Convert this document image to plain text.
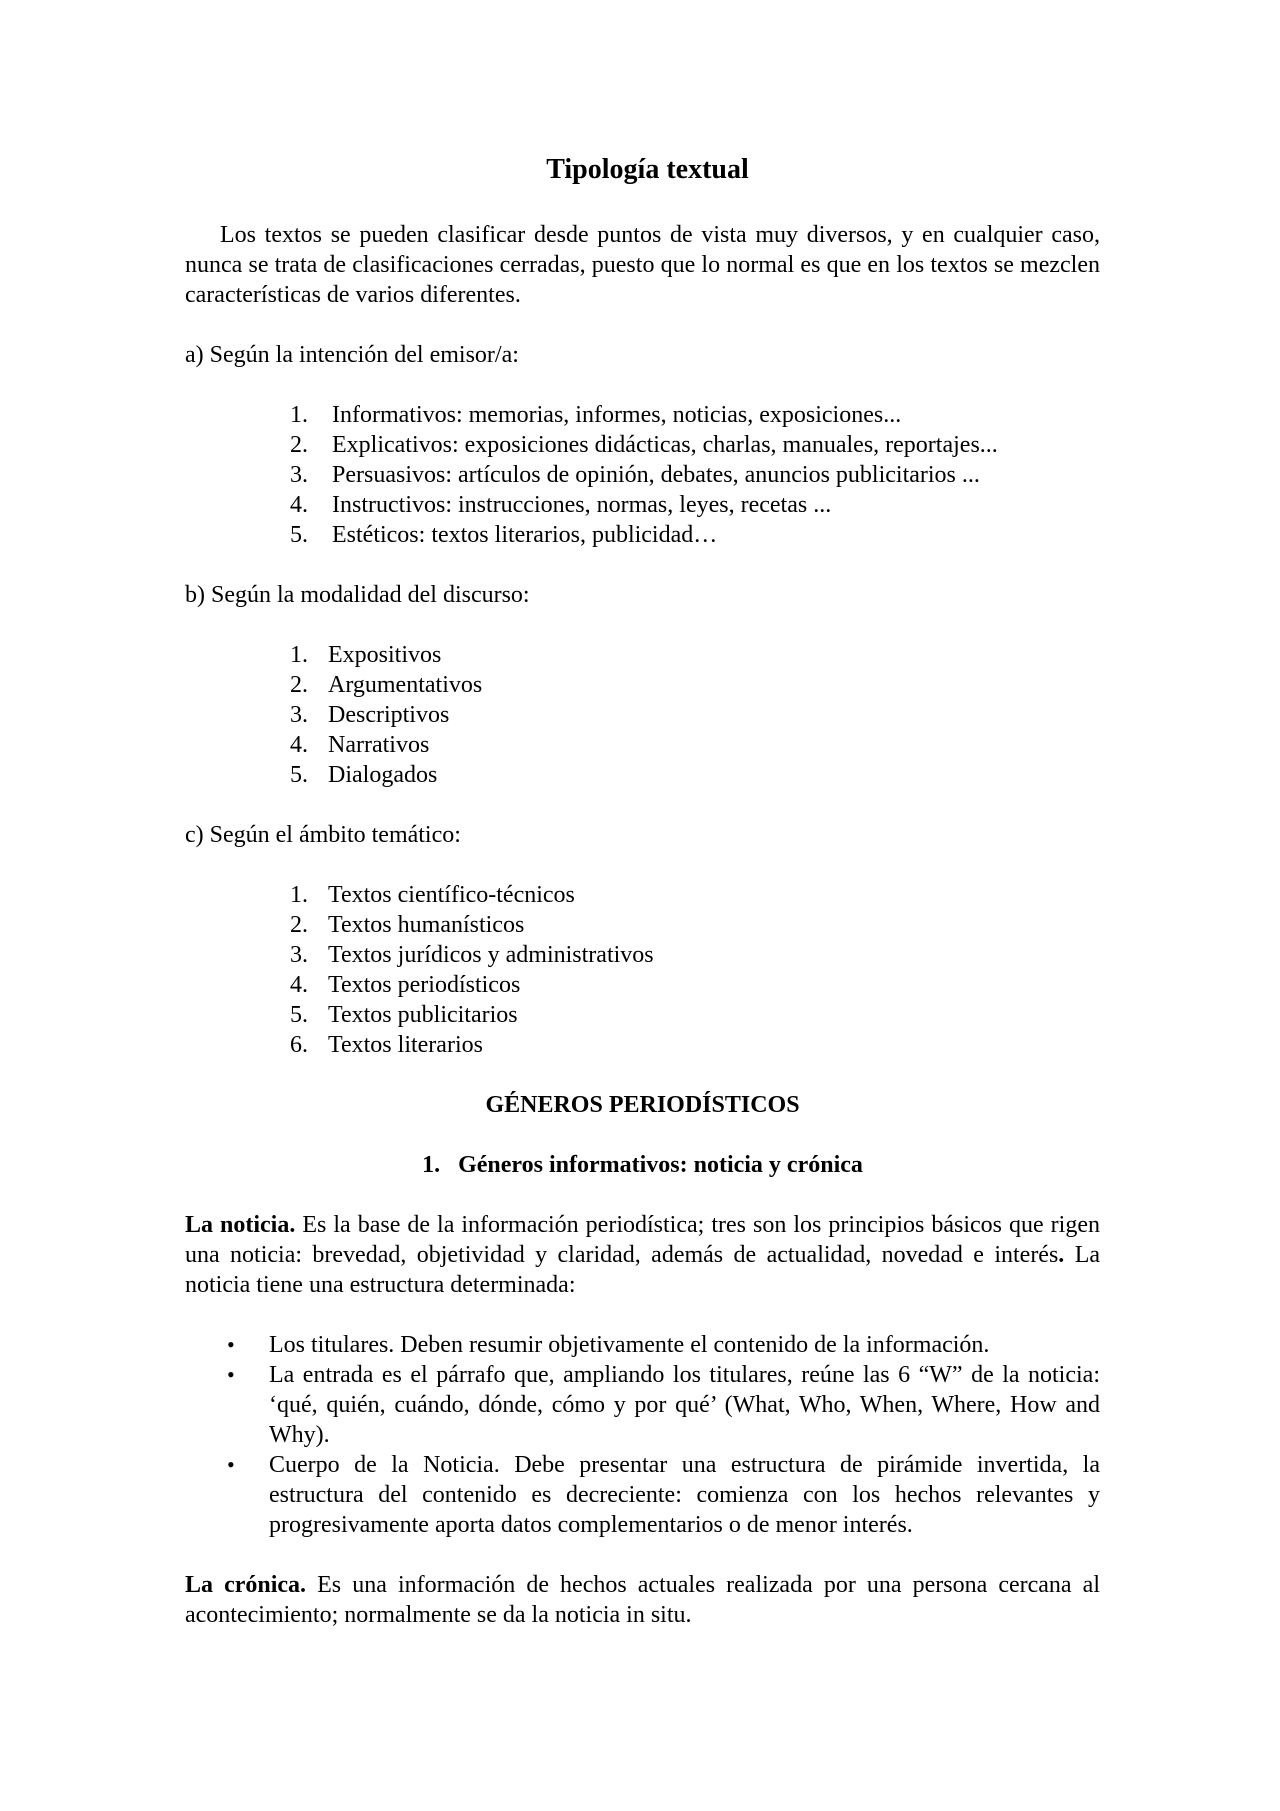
Tipología textual

Los textos se pueden clasificar desde puntos de vista muy diversos, y en cualquier caso, nunca se trata de clasificaciones cerradas, puesto que lo normal es que en los textos se mezclen características de varios diferentes.

a) Según la intención del emisor/a:

1.	Informativos: memorias, informes, noticias, exposiciones...
2.	Explicativos: exposiciones didácticas, charlas, manuales, reportajes...
3.	Persuasivos: artículos de opinión, debates, anuncios publicitarios ...
4.	Instructivos: instrucciones, normas, leyes, recetas ...
5.	Estéticos: textos literarios, publicidad…

b) Según la modalidad del discurso:

1. Expositivos
2. Argumentativos
3. Descriptivos
4. Narrativos
5. Dialogados

c) Según el ámbito temático:

1. Textos científico-técnicos
2. Textos humanísticos
3. Textos jurídicos y administrativos
4. Textos periodísticos
5. Textos publicitarios
6. Textos literarios

GÉNEROS PERIODÍSTICOS

1. Géneros informativos: noticia y crónica

La noticia. Es la base de la información periodística; tres son los principios básicos que rigen una noticia: brevedad, objetividad y claridad, además de actualidad, novedad e interés. La noticia tiene una estructura determinada:

•	Los titulares. Deben resumir objetivamente el contenido de la información.
•	La entrada es el párrafo que, ampliando los titulares, reúne las 6 “W” de la noticia: ‘qué, quién, cuándo, dónde, cómo y por qué’ (What, Who, When, Where, How and Why).
•	Cuerpo de la Noticia. Debe presentar una estructura de pirámide invertida, la estructura del contenido es decreciente: comienza con los hechos relevantes y progresivamente aporta datos complementarios o de menor interés.

La crónica. Es una información de hechos actuales realizada por una persona cercana al acontecimiento; normalmente se da la noticia in situ.
